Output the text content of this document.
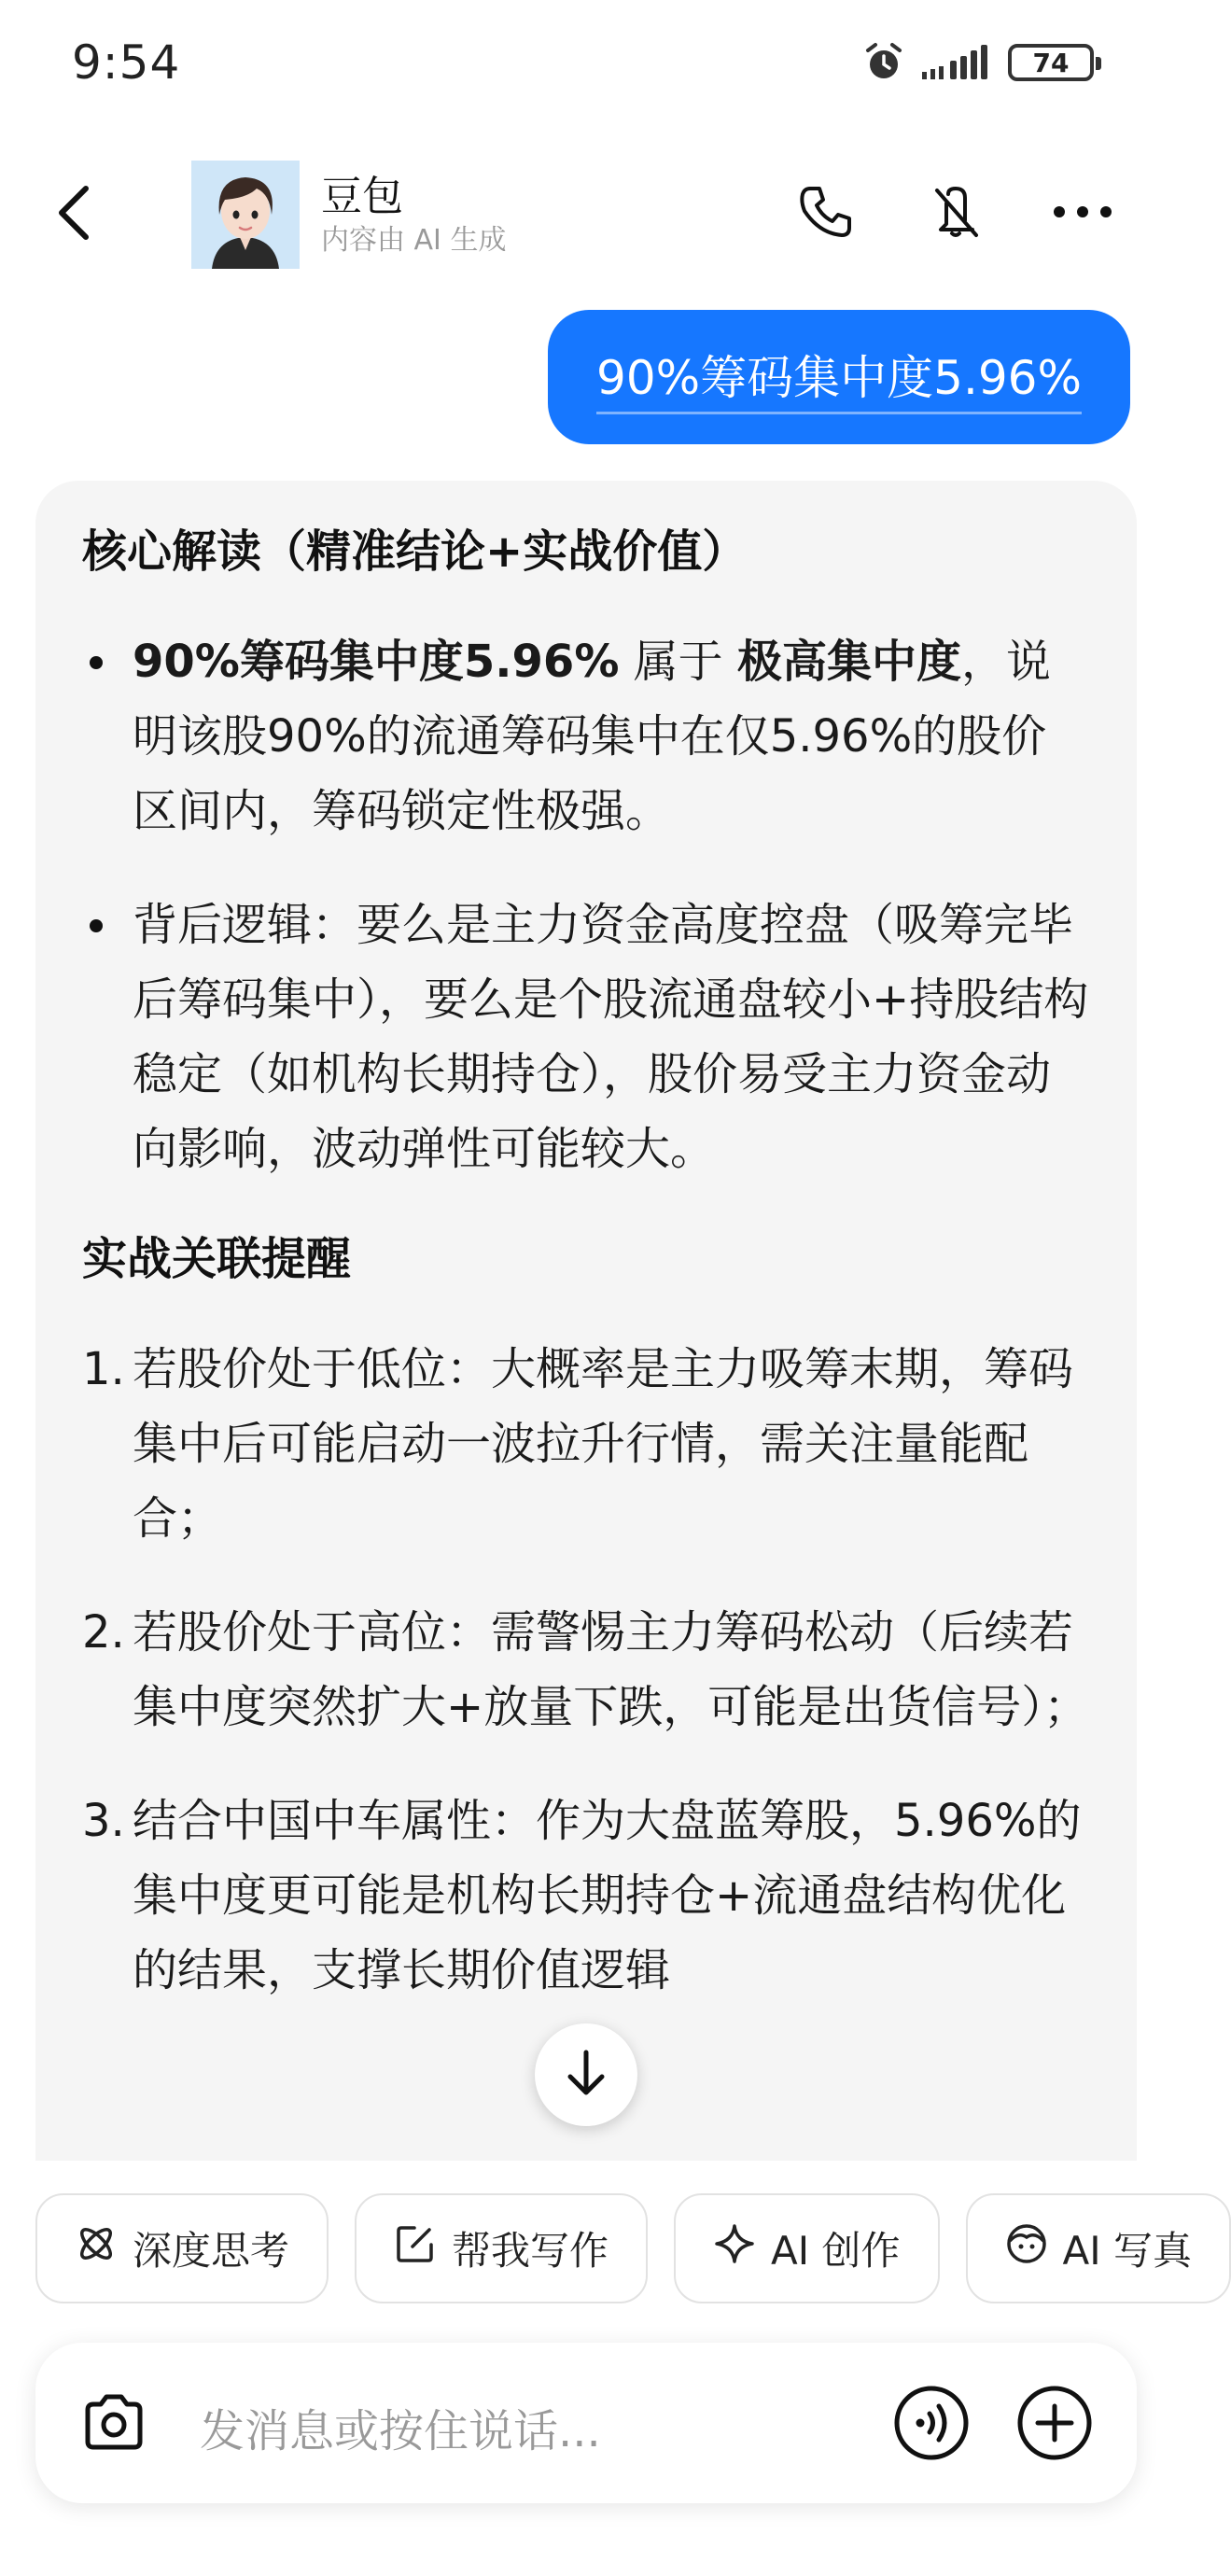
9:54	74
豆包
内容由 AI 生成
90%筹码集中度5.96%
核心解读（精准结论+实战价值）
90%筹码集中度5.96% 属于 极高集中度，说明该股90%的流通筹码集中在仅5.96%的股价区间内，筹码锁定性极强。
背后逻辑：要么是主力资金高度控盘（吸筹完毕后筹码集中），要么是个股流通盘较小+持股结构稳定（如机构长期持仓），股价易受主力资金动向影响，波动弹性可能较大。
实战关联提醒
1. 若股价处于低位：大概率是主力吸筹末期，筹码集中后可能启动一波拉升行情，需关注量能配合；
2. 若股价处于高位：需警惕主力筹码松动（后续若集中度突然扩大+放量下跌，可能是出货信号）；
3. 结合中国中车属性：作为大盘蓝筹股，5.96%的集中度更可能是机构长期持仓+流通盘结构优化的结果，支撑长期价值逻辑
深度思考	帮我写作	AI 创作	AI 写真
发消息或按住说话...
